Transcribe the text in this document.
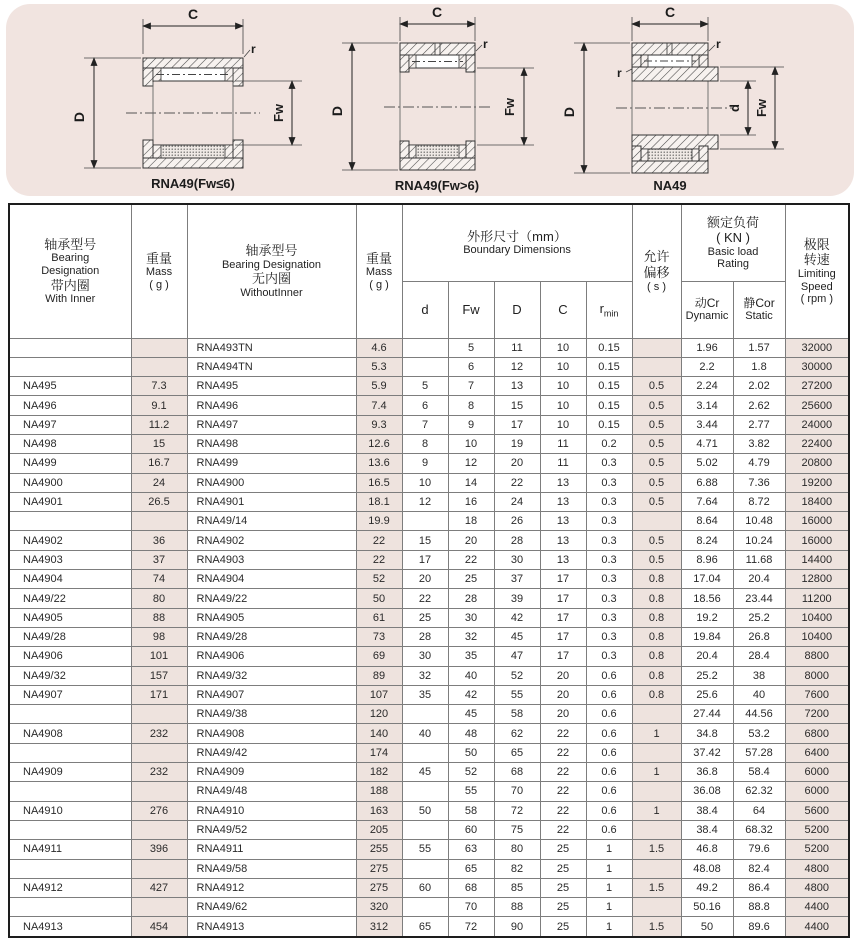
C
r
D	Fw
RNA49(Fw≤6)
C
r
D	Fw
RNA49(Fw>6)
C
r
r
D	d Fw
NA49
轴承型号
Bearing
Designation
带内圈
With Inner	重量
Mass
( g )	轴承型号
Bearing Designation
无内圈
WithoutInner	重量
Mass
( g )	外形尺寸（mm）
Boundary Dimensions					允许
偏移
( s )	额定负荷
( KN )
Basic load
Rating		极限
转速
Limiting
Speed
( rpm )

				d	Fw	D	C	$r_{min}$		动Cr
Dynamic	静Cor
Static	

		RNA493TN	4.6		5	11	10	0.15		1.96	1.57	32000
		RNA494TN	5.3		6	12	10	0.15		2.2	1.8	30000
NA495	7.3	RNA495	5.9	5	7	13	10	0.15	0.5	2.24	2.02	27200
NA496	9.1	RNA496	7.4	6	8	15	10	0.15	0.5	3.14	2.62	25600
NA497	11.2	RNA497	9.3	7	9	17	10	0.15	0.5	3.44	2.77	24000
NA498	15	RNA498	12.6	8	10	19	11	0.2	0.5	4.71	3.82	22400
NA499	16.7	RNA499	13.6	9	12	20	11	0.3	0.5	5.02	4.79	20800
NA4900	24	RNA4900	16.5	10	14	22	13	0.3	0.5	6.88	7.36	19200
NA4901	26.5	RNA4901	18.1	12	16	24	13	0.3	0.5	7.64	8.72	18400
		RNA49/14	19.9		18	26	13	0.3		8.64	10.48	16000
NA4902	36	RNA4902	22	15	20	28	13	0.3	0.5	8.24	10.24	16000
NA4903	37	RNA4903	22	17	22	30	13	0.3	0.5	8.96	11.68	14400
NA4904	74	RNA4904	52	20	25	37	17	0.3	0.8	17.04	20.4	12800
NA49/22	80	RNA49/22	50	22	28	39	17	0.3	0.8	18.56	23.44	11200
NA4905	88	RNA4905	61	25	30	42	17	0.3	0.8	19.2	25.2	10400
NA49/28	98	RNA49/28	73	28	32	45	17	0.3	0.8	19.84	26.8	10400
NA4906	101	RNA4906	69	30	35	47	17	0.3	0.8	20.4	28.4	8800
NA49/32	157	RNA49/32	89	32	40	52	20	0.6	0.8	25.2	38	8000
NA4907	171	RNA4907	107	35	42	55	20	0.6	0.8	25.6	40	7600
		RNA49/38	120		45	58	20	0.6		27.44	44.56	7200
NA4908	232	RNA4908	140	40	48	62	22	0.6	1	34.8	53.2	6800
		RNA49/42	174		50	65	22	0.6		37.42	57.28	6400
NA4909	232	RNA4909	182	45	52	68	22	0.6	1	36.8	58.4	6000
		RNA49/48	188		55	70	22	0.6		36.08	62.32	6000
NA4910	276	RNA4910	163	50	58	72	22	0.6	1	38.4	64	5600
		RNA49/52	205		60	75	22	0.6		38.4	68.32	5200
NA4911	396	RNA4911	255	55	63	80	25	1	1.5	46.8	79.6	5200
		RNA49/58	275		65	82	25	1		48.08	82.4	4800
NA4912	427	RNA4912	275	60	68	85	25	1	1.5	49.2	86.4	4800
		RNA49/62	320		70	88	25	1		50.16	88.8	4400
NA4913	454	RNA4913	312	65	72	90	25	1	1.5	50	89.6	4400
